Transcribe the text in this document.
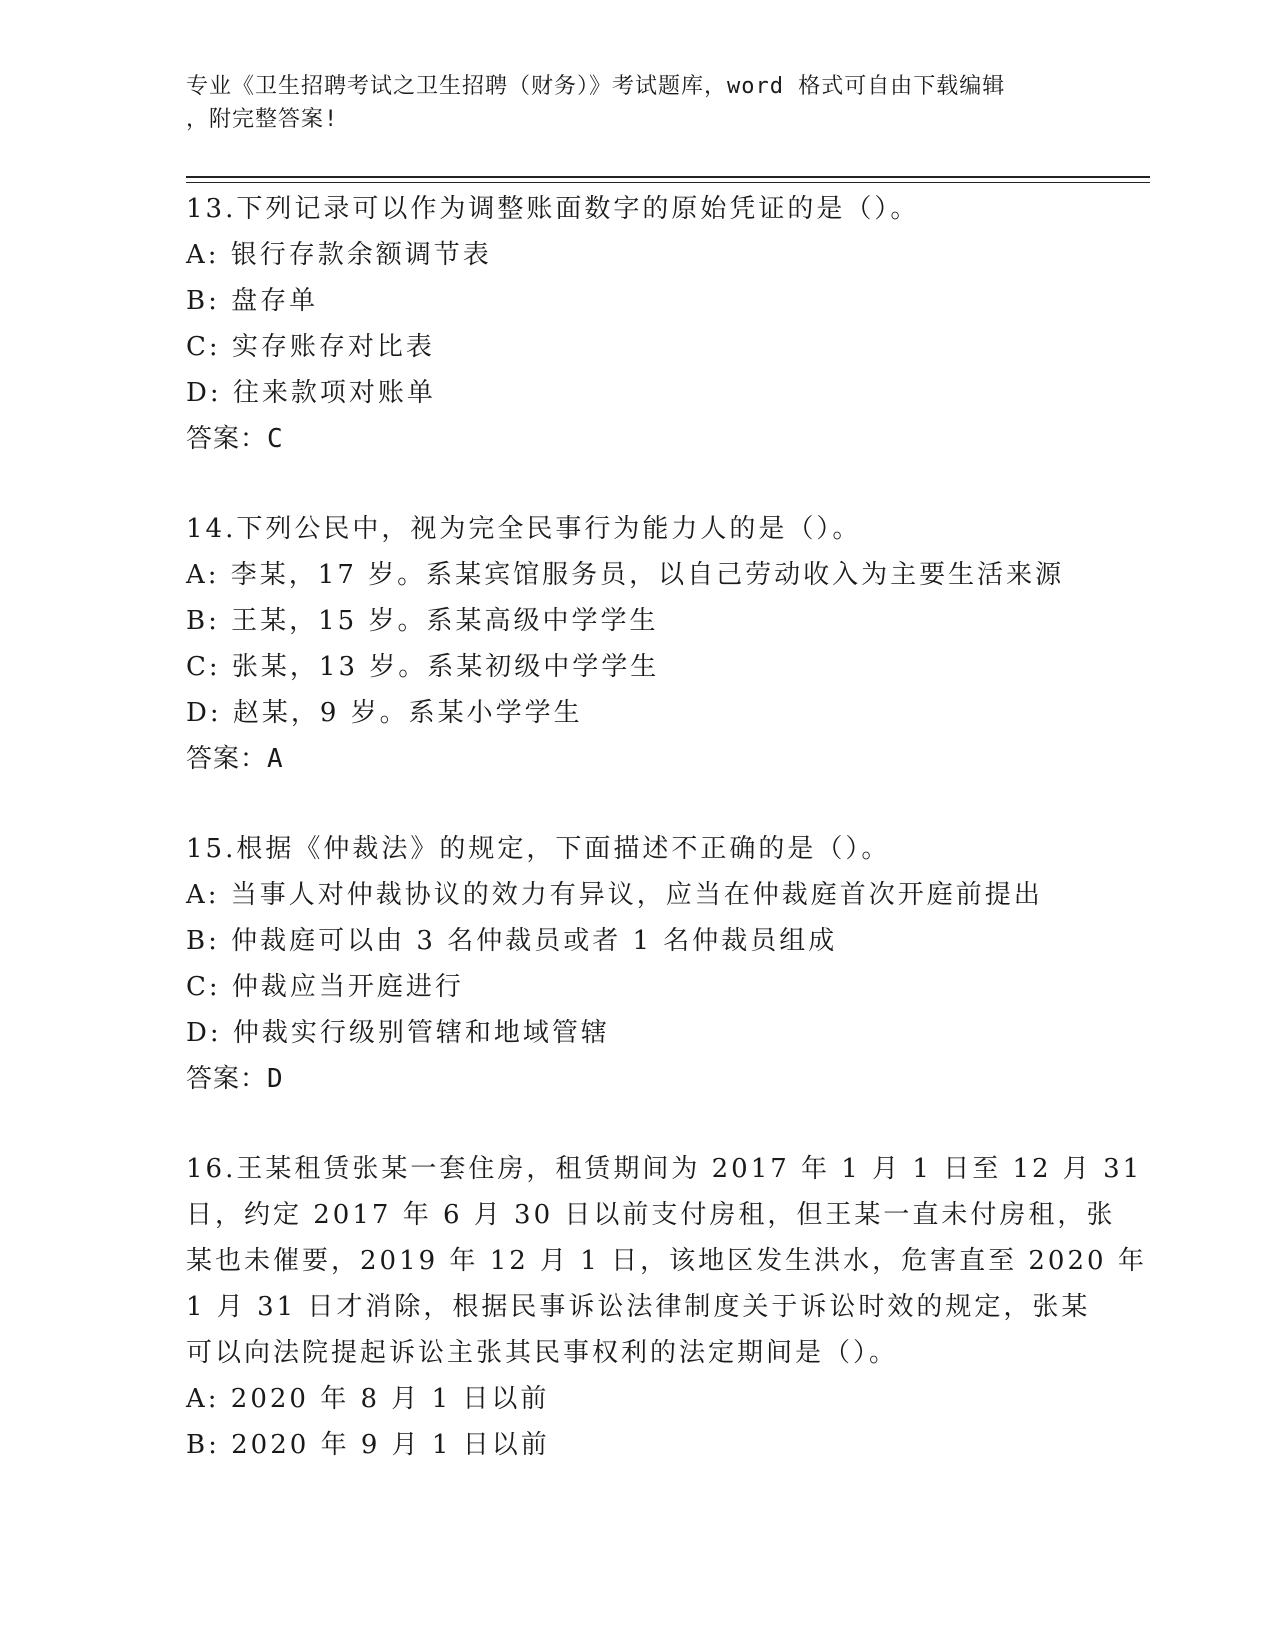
专业《卫生招聘考试之卫生招聘（财务）》考试题库，word 格式可自由下载编辑
，附完整答案!
13.下列记录可以作为调整账面数字的原始凭证的是（）。
A: 银行存款余额调节表
B: 盘存单
C: 实存账存对比表
D: 往来款项对账单
答案：C
14.下列公民中，视为完全民事行为能力人的是（）。
A: 李某，17 岁。系某宾馆服务员，以自己劳动收入为主要生活来源
B: 王某，15 岁。系某高级中学学生
C: 张某，13 岁。系某初级中学学生
D: 赵某，9 岁。系某小学学生
答案：A
15.根据《仲裁法》的规定，下面描述不正确的是（）。
A: 当事人对仲裁协议的效力有异议，应当在仲裁庭首次开庭前提出
B: 仲裁庭可以由 3 名仲裁员或者 1 名仲裁员组成
C: 仲裁应当开庭进行
D: 仲裁实行级别管辖和地域管辖
答案：D
16.王某租赁张某一套住房，租赁期间为 2017 年 1 月 1 日至 12 月 31
日，约定 2017 年 6 月 30 日以前支付房租，但王某一直未付房租，张
某也未催要，2019 年 12 月 1 日，该地区发生洪水，危害直至 2020 年
1 月 31 日才消除，根据民事诉讼法律制度关于诉讼时效的规定，张某
可以向法院提起诉讼主张其民事权利的法定期间是（）。
A: 2020 年 8 月 1 日以前
B: 2020 年 9 月 1 日以前
